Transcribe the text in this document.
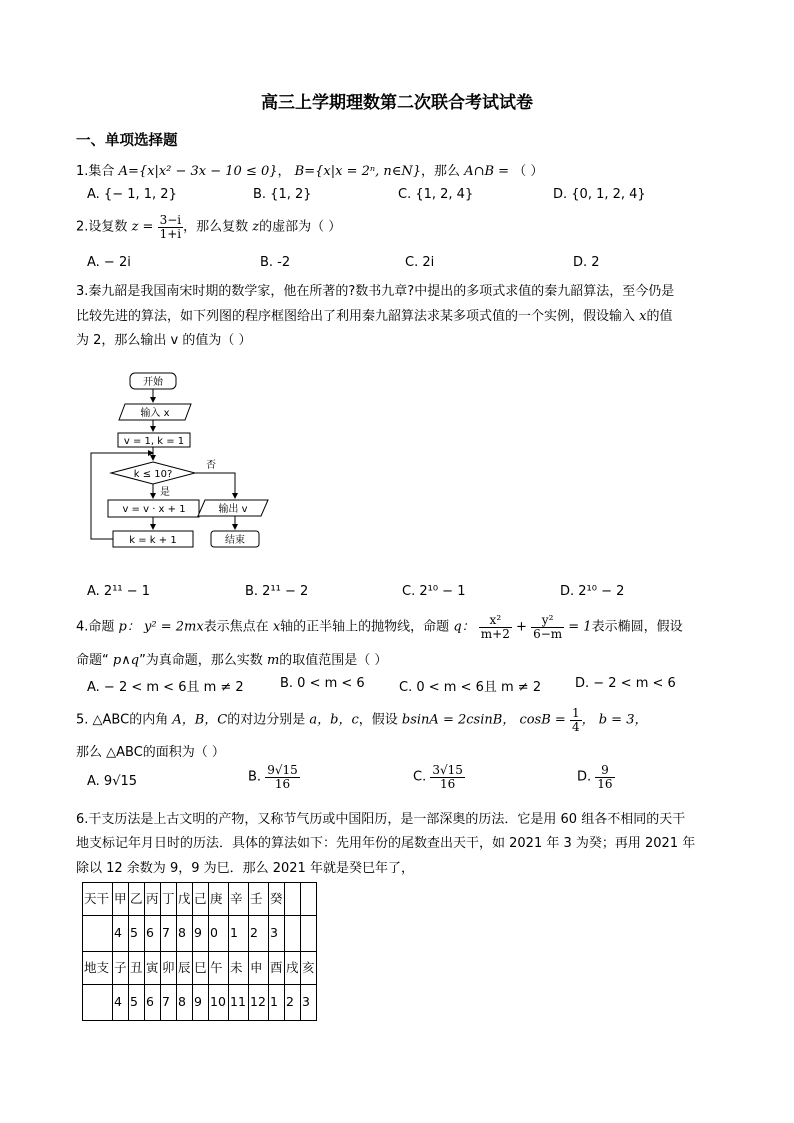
高三上学期理数第二次联合考试试卷
一、单项选择题
1.集合 A={x|x² − 3x − 10 ≤ 0}， B={x|x = 2ⁿ, n∈N}，那么 A∩B = （ ）
A. {− 1, 1, 2}	B. {1, 2}	C. {1, 2, 4}	D. {0, 1, 2, 4}
2.设复数 $z = \frac{3-i}{1+i}$ ，那么复数 z的虚部为（ ）
A. − 2i	B. -2	C. 2i	D. 2
3.秦九韶是我国南宋时期的数学家，他在所著的?数书九章?中提出的多项式求值的秦九韶算法，至今仍是
比较先进的算法，如下列图的程序框图给出了利用秦九韶算法求某多项式值的一个实例，假设输入 x的值
为 2，那么输出 v 的值为（ ）
开始
输入 x
v = 1, k = 1
k ≤ 10?
是
否
v = v · x + 1
k = k + 1
输出 v
结束
A. 2¹¹ − 1	B. 2¹¹ − 2	C. 2¹⁰ − 1	D. 2¹⁰ − 2
4.命题 p： y² = 2mx表示焦点在 x轴的正半轴上的抛物线，命题 q： $\frac{\text{x²}}{m+2} + \frac{\text{y²}}{6-m} = 1$表示椭圆，假设
命题“ p∧q”为真命题，那么实数 m的取值范围是（ ）
A. − 2 < m < 6且 m ≠ 2	B. 0 < m < 6	C. 0 < m < 6且 m ≠ 2	D. − 2 < m < 6
5. △ABC的内角 A，B，C的对边分别是 a，b，c，假设 bsinA = 2csinB， $\cos B = \frac{1}{4}$ ， b = 3，
那么 △ABC的面积为（ ）
A. 9√15	B. $\frac{9√15}{16}$	C. $\frac{3√15}{16}$	D. $\frac{9}{16}$
6.干支历法是上古文明的产物，又称节气历或中国阳历，是一部深奥的历法．它是用 60 组各不相同的天干
地支标记年月日时的历法．具体的算法如下：先用年份的尾数查出天干，如 2021 年 3 为癸；再用 2021 年
除以 12 余数为 9，9 为巳．那么 2021 年就是癸巳年了，
天干	甲	乙	丙	丁	戊	己	庚	辛	壬	癸		
	4	5	6	7	8	9	0	1	2	3		
地支	子	丑	寅	卯	辰	巳	午	未	申	酉	戌	亥
	4	5	6	7	8	9	10	11	12	1	2	3
